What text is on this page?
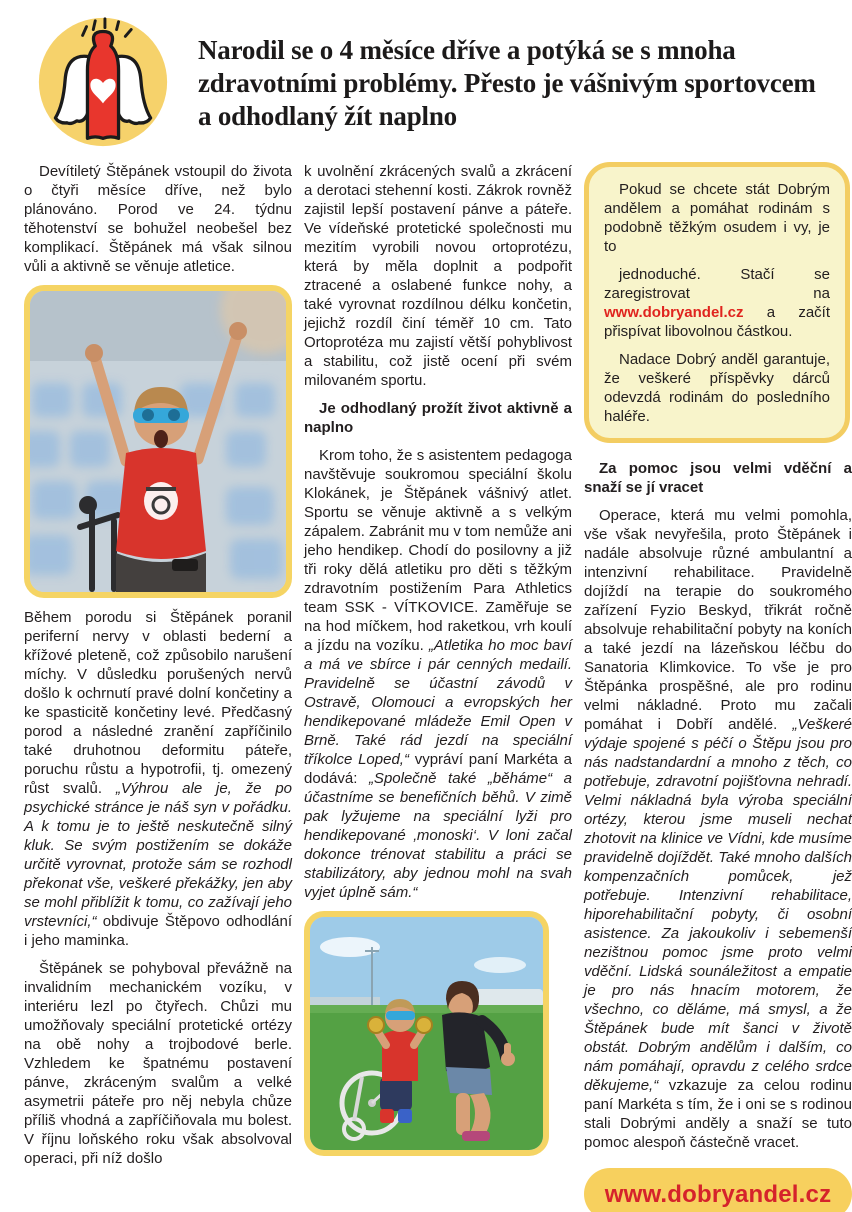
Narodil se o 4 měsíce dříve a potýká se s mnoha zdravotními problémy. Přesto je vášnivým sportovcem a odhodlaný žít naplno

Devítiletý Štěpánek vstoupil do života o čtyři měsíce dříve, než bylo plánováno. Porod ve 24. týdnu těhotenství se bohužel neobešel bez komplikací. Štěpánek má však silnou vůli a aktivně se věnuje atletice.

Během porodu si Štěpánek poranil periferní nervy v oblasti bederní a křížové pleteně, což způsobilo narušení míchy. V důsledku porušených nervů došlo k ochrnutí pravé dolní končetiny a ke spasticitě končetiny levé. Předčasný porod a následné zranění zapříčinilo také druhotnou deformitu páteře, poruchu růstu a hypotrofii, tj. omezený růst svalů. „Výhrou ale je, že po psychické stránce je náš syn v pořádku. A k tomu je to ještě neskutečně silný kluk. Se svým postižením se dokáže určitě vyrovnat, protože sám se rozhodl překonat vše, veškeré překážky, jen aby se mohl přiblížit k tomu, co zažívají jeho vrstevníci,“ obdivuje Štěpovo odhodlání i jeho maminka.

Štěpánek se pohyboval převážně na invalidním mechanickém vozíku, v interiéru lezl po čtyřech. Chůzi mu umožňovaly speciální protetické ortézy na obě nohy a trojbodové berle. Vzhledem ke špatnému postavení pánve, zkráceným svalům a velké asymetrii páteře pro něj nebyla chůze příliš vhodná a zapříčiňovala mu bolest. V říjnu loňského roku však absolvoval operaci, při níž došlo

k uvolnění zkrácených svalů a zkrácení a derotaci stehenní kosti. Zákrok rovněž zajistil lepší postavení pánve a páteře. Ve vídeňské protetické společnosti mu mezitím vyrobili novou ortoprotézu, která by měla doplnit a podpořit ztracené a oslabené funkce nohy, a také vyrovnat rozdílnou délku končetin, jejichž rozdíl činí téměř 10 cm. Tato Ortoprotéza mu zajistí větší pohyblivost a stabilitu, což jistě ocení při svém milovaném sportu.

Je odhodlaný prožít život aktivně a naplno

Krom toho, že s asistentem pedagoga navštěvuje soukromou speciální školu Klokánek, je Štěpánek vášnivý atlet. Sportu se věnuje aktivně a s velkým zápalem. Zabránit mu v tom nemůže ani jeho hendikep. Chodí do posilovny a již tři roky dělá atletiku pro děti s těžkým zdravotním postižením Para Athletics team SSK - VÍTKOVICE. Zaměřuje se na hod míčkem, hod raketkou, vrh koulí a jízdu na vozíku. „Atletika ho moc baví a má ve sbírce i pár cenných medailí. Pravidelně se účastní závodů v Ostravě, Olomouci a evropských her hendikepované mládeže Emil Open v Brně. Také rád jezdí na speciální tříkolce Loped,“ vypráví paní Markéta a dodává: „Společně také „běháme“ a účastníme se benefičních běhů. V zimě pak lyžujeme na speciální lyži pro hendikepované ‚monoski‘. V loni začal dokonce trénovat stabilitu a práci se stabilizátory, aby jednou mohl na svah vyjet úplně sám.“

Pokud se chcete stát Dobrým andělem a pomáhat rodinám s podobně těžkým osudem i vy, je to

jednoduché. Stačí se zaregistrovat na www.dobryandel.cz a začít přispívat libovolnou částkou.

Nadace Dobrý anděl garantuje, že veškeré příspěvky dárců odevzdá rodinám do posledního haléře.

Za pomoc jsou velmi vděční a snaží se jí vracet

Operace, která mu velmi pomohla, vše však nevyřešila, proto Štěpánek i nadále absolvuje různé ambulantní a intenzivní rehabilitace. Pravidelně dojíždí na terapie do soukromého zařízení Fyzio Beskyd, třikrát ročně absolvuje rehabilitační pobyty na koních a také jezdí na lázeňskou léčbu do Sanatoria Klimkovice. To vše je pro Štěpánka prospěšné, ale pro rodinu velmi nákladné. Proto mu začali pomáhat i Dobří andělé. „Veškeré výdaje spojené s péčí o Štěpu jsou pro nás nadstandardní a mnoho z těch, co potřebuje, zdravotní pojišťovna nehradí. Velmi nákladná byla výroba speciální ortézy, kterou jsme museli nechat zhotovit na klinice ve Vídni, kde musíme pravidelně dojíždět. Také mnoho dalších kompenzačních pomůcek, jež potřebuje. Intenzivní rehabilitace, hiporehabilitační pobyty, či osobní asistence. Za jakoukoliv i sebemenší nezištnou pomoc jsme proto velmi vděční. Lidská sounáležitost a empatie je pro nás hnacím motorem, že všechno, co děláme, má smysl, a že Štěpánek bude mít šanci v životě obstát. Dobrým andělům i dalším, co nám pomáhají, opravdu z celého srdce děkujeme,“ vzkazuje za celou rodinu paní Markéta s tím, že i oni se s rodinou stali Dobrými anděly a snaží se tuto pomoc alespoň částečně vracet.

www.dobryandel.cz
